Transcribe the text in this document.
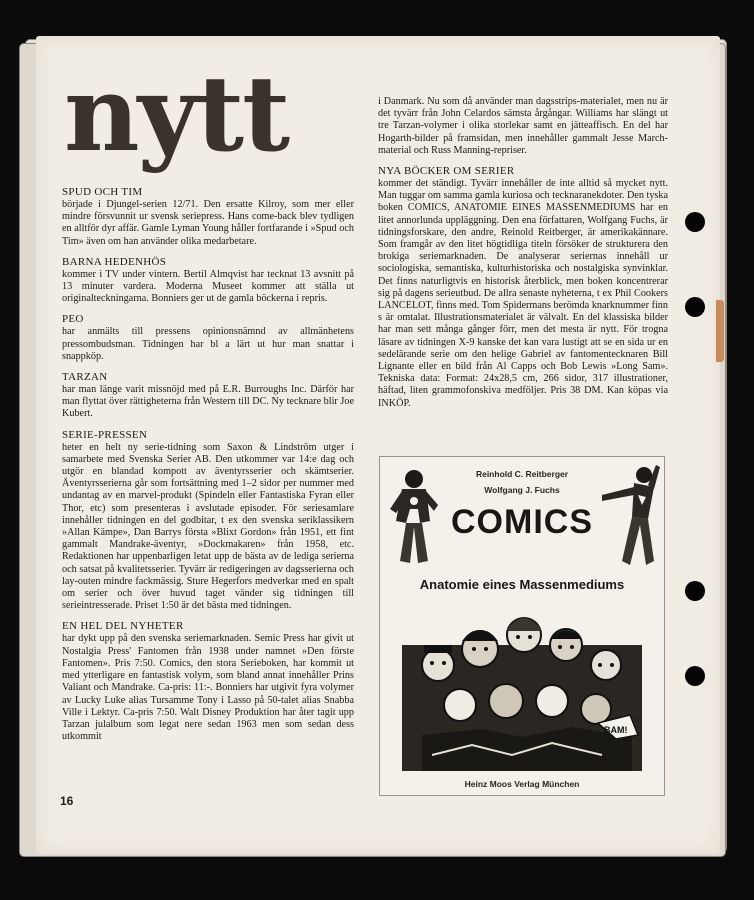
nytt
SPUD OCH TIM

började i Djungel-serien 12/71. Den ersatte Kilroy, som mer eller mindre försvunnit ur svensk seriepress. Hans come-back blev tydligen en alltför dyr affär. Gamle Lyman Young håller fortfarande i »Spud och Tim» även om han använder olika medarbetare.

BARNA HEDENHÖS

kommer i TV under vintern. Bertil Almqvist har tecknat 13 avsnitt på 13 minuter vardera. Moderna Museet kommer att ställa ut originalteckningarna. Bonniers ger ut de gamla böckerna i repris.

PEO

har anmälts till pressens opinionsnämnd av allmänhetens pressombudsman. Tidningen har bl a lärt ut hur man snattar i snappköp.

TARZAN

har man länge varit missnöjd med på E.R. Burroughs Inc. Därför har man flyttat över rättigheterna från Western till DC. Ny tecknare blir Joe Kubert.

SERIE-PRESSEN

heter en helt ny serie-tidning som Saxon & Lindström utger i samarbete med Svenska Serier AB. Den utkommer var 14:e dag och utgör en blandad kompott av äventyrsserier och skämtserier. Äventyrsserierna går som fortsättning med 1–2 sidor per nummer med undantag av en marvel-produkt (Spindeln eller Fantastiska Fyran eller Thor, etc) som presenteras i avslutade episoder. För seriesamlare innehåller tidningen en del godbitar, t ex den svenska seriklassikern »Allan Kämpe», Dan Barrys första »Blixt Gordon» från 1951, ett fint gammalt Mandrake-äventyr, »Dockmakaren» från 1958, etc. Redaktionen har uppenbarligen letat upp de bästa av de lediga serierna och satsat på kvalitetsserier. Tyvärr är redigeringen av dagsserierna och lay-outen mindre fackmässig. Sture Hegerfors medverkar med en spalt om serier och över huvud taget vänder sig tidningen till serieintresserade. Priset 1:50 är det bästa med tidningen.

EN HEL DEL NYHETER

har dykt upp på den svenska seriemarknaden. Semic Press har givit ut Nostalgia Press' Fantomen från 1938 under namnet »Den förste Fantomen». Pris 7:50. Comics, den stora Serieboken, har kommit ut med ytterligare en fantastisk volym, som bland annat innehåller Prins Valiant och Mandrake. Ca-pris: 11:-. Bonniers har utgivit fyra volymer av Lucky Luke alias Tursamme Tony i Lasso på 50-talet alias Snabba Ville i Lektyr. Ca-pris 7:50. Walt Disney Produktion har åter tagit upp Tarzan julalbum som legat nere sedan 1963 men som sedan dess utkommit

i Danmark. Nu som då använder man dagsstrips-materialet, men nu är det tyvärr från John Celardos sämsta årgångar. Williams har slängt ut tre Tarzan-volymer i olika storlekar samt en jätteaffisch. En del har Hogarth-bilder på framsidan, men innehåller gammalt Jesse March-material och Russ Manning-repriser.

NYA BÖCKER OM SERIER

kommer det ständigt. Tyvärr innehåller de inte alltid så mycket nytt. Man tuggar om samma gamla kuriosa och tecknaranekdoter. Den tyska boken COMICS, ANATOMIE EINES MASSENMEDIUMS har en litet annorlunda uppläggning. Den ena författaren, Wolfgang Fuchs, är tidningsforskare, den andre, Reinold Reitberger, är amerikakännare. Som framgår av den litet högtidliga titeln försöker de strukturera den brokiga seriemarknaden. De analyserar seriernas innehåll ur sociologiska, semantiska, kulturhistoriska och nostalgiska synvinklar. Det finns naturligtvis en historisk återblick, men boken koncentrerar sig på dagens serieutbud. De allra senaste nyheterna, t ex Phil Cookers LANCELOT, finns med. Tom Spidermans berömda knarknummer finn s är omtalat. Illustrationsmaterialet är välvalt. En del klassiska bilder har man sett många gånger förr, men det mesta är nytt. För trogna läsare av tidningen X-9 kanske det kan vara lustigt att se en sida ur en sedelärande serie om den helige Gabriel av fantomentecknaren Bill Lignante eller en bild från Al Capps och Bob Lewis »Long Sam». Tekniska data: Format: 24x28,5 cm, 266 sidor, 317 illustrationer, häftad, liten grammofonskiva medföljer. Pris 38 DM. Kan köpas via INKÖP.

Reinhold C. Reitberger
Wolfgang J. Fuchs
COMICS
Anatomie eines Massenmediums
BAM!
Heinz Moos Verlag München
16
